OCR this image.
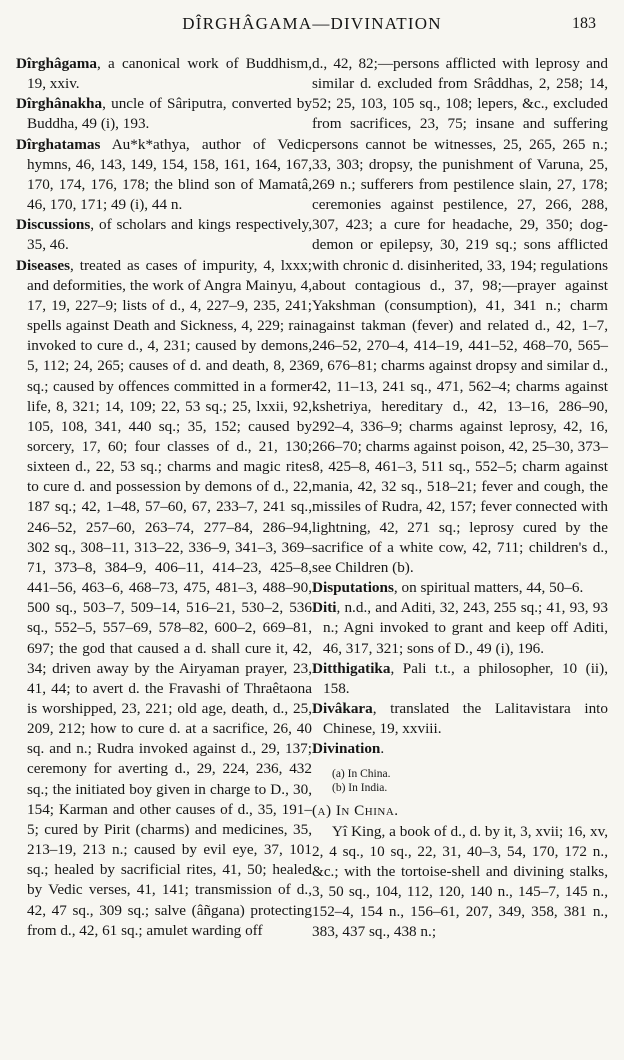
DÎRGHÂGAMA—DIVINATION	183

Dîrghâgama, a canonical work of Buddhism, 19, xxiv.

Dîrghânakha, uncle of Sâriputra, converted by Buddha, 49 (i), 193.

Dîrghatamas Au*k*athya, author of Vedic hymns, 46, 143, 149, 154, 158, 161, 164, 167, 170, 174, 176, 178; the blind son of Mamatâ, 46, 170, 171; 49 (i), 44 n.

Discussions, of scholars and kings respectively, 35, 46.

Diseases, treated as cases of impurity, 4, lxxx; and deformities, the work of Angra Mainyu, 4, 17, 19, 227–9; lists of d., 4, 227–9, 235, 241; spells against Death and Sickness, 4, 229; rain invoked to cure d., 4, 231; caused by demons, 5, 112; 24, 265; causes of d. and death, 8, 236 sq.; caused by offences committed in a former life, 8, 321; 14, 109; 22, 53 sq.; 25, lxxii, 92, 105, 108, 341, 440 sq.; 35, 152; caused by sorcery, 17, 60; four classes of d., 21, 130; sixteen d., 22, 53 sq.; charms and magic rites to cure d. and possession by demons of d., 22, 187 sq.; 42, 1–48, 57–60, 67, 233–7, 241 sq., 246–52, 257–60, 263–74, 277–84, 286–94, 302 sq., 308–11, 313–22, 336–9, 341–3, 369–71, 373–8, 384–9, 406–11, 414–23, 425–8, 441–56, 463–6, 468–73, 475, 481–3, 488–90, 500 sq., 503–7, 509–14, 516–21, 530–2, 536 sq., 552–5, 557–69, 578–82, 600–2, 669–81, 697; the god that caused a d. shall cure it, 42, 34; driven away by the Airyaman prayer, 23, 41, 44; to avert d. the Fravashi of Thraêtaona is worshipped, 23, 221; old age, death, d., 25, 209, 212; how to cure d. at a sacrifice, 26, 40 sq. and n.; Rudra invoked against d., 29, 137; ceremony for averting d., 29, 224, 236, 432 sq.; the initiated boy given in charge to D., 30, 154; Karman and other causes of d., 35, 191–5; cured by Pirit (charms) and medicines, 35, 213–19, 213 n.; caused by evil eye, 37, 101 sq.; healed by sacrificial rites, 41, 50; healed by Vedic verses, 41, 141; transmission of d., 42, 47 sq., 309 sq.; salve (âñgana) protecting from d., 42, 61 sq.; amulet warding off

d., 42, 82;—persons afflicted with leprosy and similar d. excluded from Srâddhas, 2, 258; 14, 52; 25, 103, 105 sq., 108; lepers, &c., excluded from sacrifices, 23, 75; insane and suffering persons cannot be witnesses, 25, 265, 265 n.; 33, 303; dropsy, the punishment of Varuna, 25, 269 n.; sufferers from pestilence slain, 27, 178; ceremonies against pestilence, 27, 266, 288, 307, 423; a cure for headache, 29, 350; dog-demon or epilepsy, 30, 219 sq.; sons afflicted with chronic d. disinherited, 33, 194; regulations about contagious d., 37, 98;—prayer against Yakshman (consumption), 41, 341 n.; charm against takman (fever) and related d., 42, 1–7, 246–52, 270–4, 414–19, 441–52, 468–70, 565–9, 676–81; charms against dropsy and similar d., 42, 11–13, 241 sq., 471, 562–4; charms against kshetriya, hereditary d., 42, 13–16, 286–90, 292–4, 336–9; charms against leprosy, 42, 16, 266–70; charms against poison, 42, 25–30, 373–8, 425–8, 461–3, 511 sq., 552–5; charm against mania, 42, 32 sq., 518–21; fever and cough, the missiles of Rudra, 42, 157; fever connected with lightning, 42, 271 sq.; leprosy cured by the sacrifice of a white cow, 42, 711; children's d., see Children (b).

Disputations, on spiritual matters, 44, 50–6.

Diti, n.d., and Aditi, 32, 243, 255 sq.; 41, 93, 93 n.; Agni invoked to grant and keep off Aditi, 46, 317, 321; sons of D., 49 (i), 196.

Ditthigatika, Pali t.t., a philosopher, 10 (ii), 158.

Divâkara, translated the Lalitavistara into Chinese, 19, xxviii.

Divination.

(a) In China.
(b) In India.

(a) In China.

Yî King, a book of d., d. by it, 3, xvii; 16, xv, 2, 4 sq., 10 sq., 22, 31, 40–3, 54, 170, 172 n., &c.; with the tortoise-shell and divining stalks, 3, 50 sq., 104, 112, 120, 140 n., 145–7, 145 n., 152–4, 154 n., 156–61, 207, 349, 358, 381 n., 383, 437 sq., 438 n.;
